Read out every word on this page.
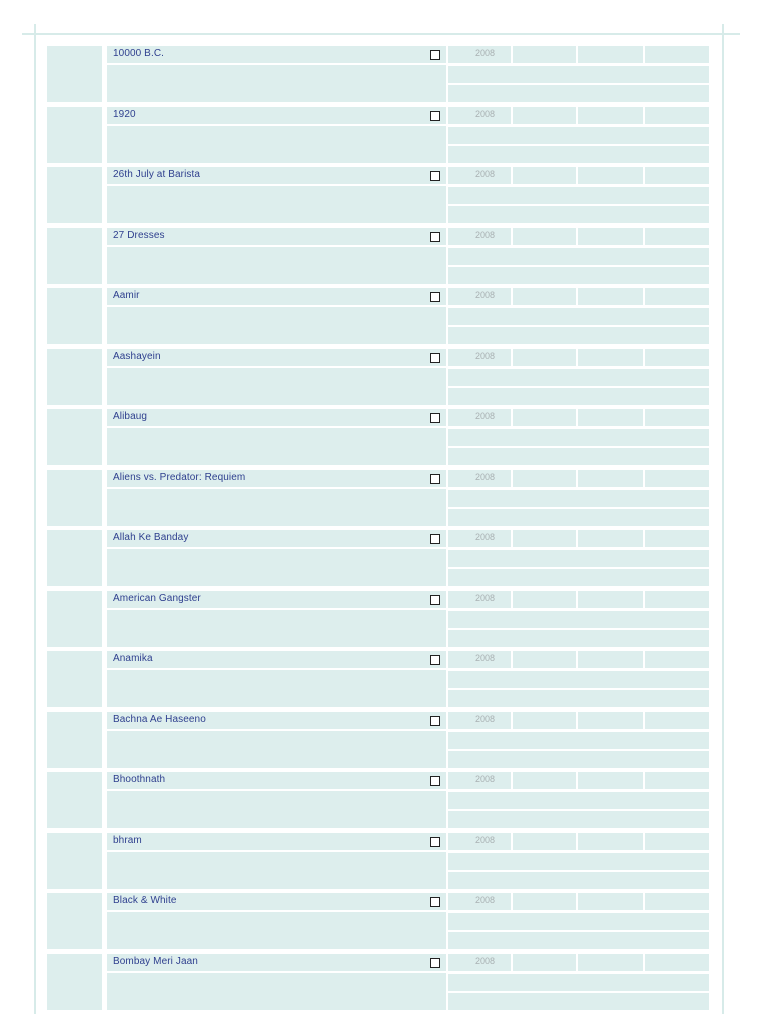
10000 B.C.	2008
1920	2008
26th July at Barista	2008
27 Dresses	2008
Aamir	2008
Aashayein	2008
Alibaug	2008
Aliens vs. Predator: Requiem	2008
Allah Ke Banday	2008
American Gangster	2008
Anamika	2008
Bachna Ae Haseeno	2008
Bhoothnath	2008
bhram	2008
Black & White	2008
Bombay Meri Jaan	2008
